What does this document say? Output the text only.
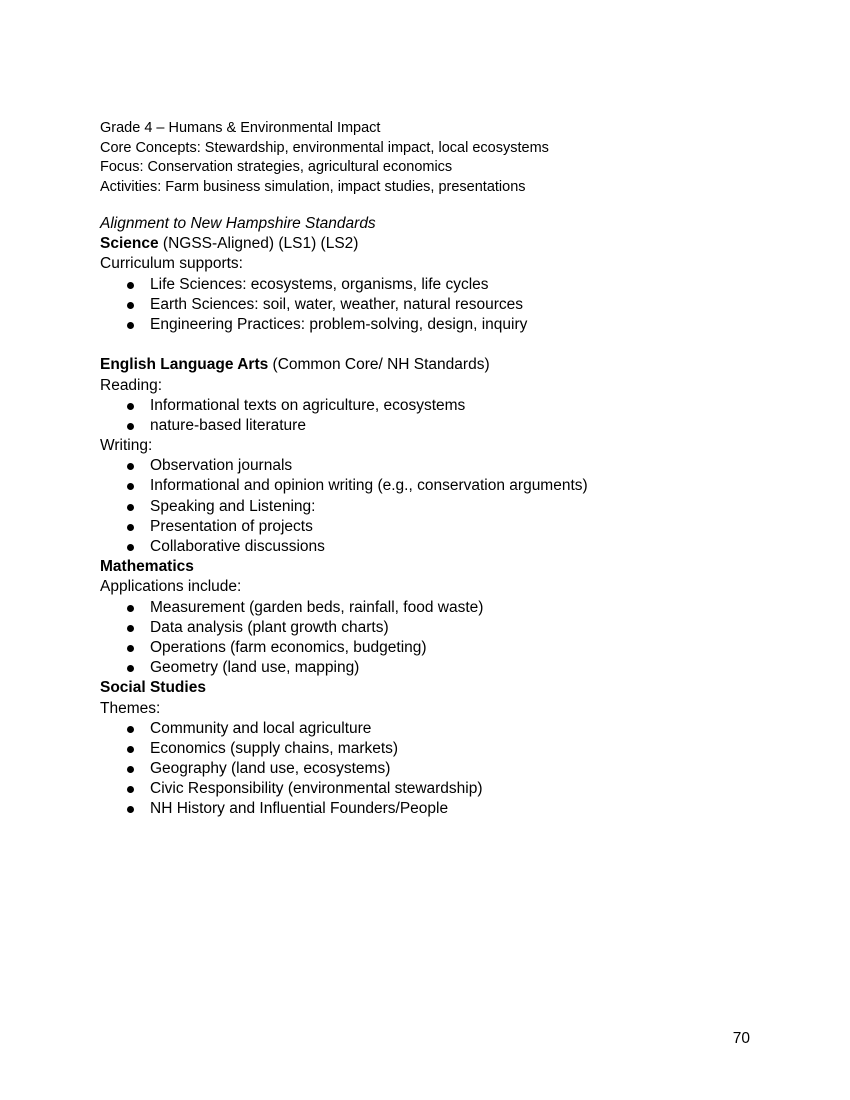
Grade 4 – Humans & Environmental Impact
Core Concepts: Stewardship, environmental impact, local ecosystems
Focus: Conservation strategies, agricultural economics
Activities: Farm business simulation, impact studies, presentations
Alignment to New Hampshire Standards
Science (NGSS-Aligned) (LS1) (LS2)
Curriculum supports:
Life Sciences: ecosystems, organisms, life cycles
Earth Sciences: soil, water, weather, natural resources
Engineering Practices: problem-solving, design, inquiry
English Language Arts (Common Core/ NH Standards)
Reading:
Informational texts on agriculture, ecosystems
nature-based literature
Writing:
Observation journals
Informational and opinion writing (e.g., conservation arguments)
Speaking and Listening:
Presentation of projects
Collaborative discussions
Mathematics
Applications include:
Measurement (garden beds, rainfall, food waste)
Data analysis (plant growth charts)
Operations (farm economics, budgeting)
Geometry (land use, mapping)
Social Studies
Themes:
Community and local agriculture
Economics (supply chains, markets)
Geography (land use, ecosystems)
Civic Responsibility (environmental stewardship)
NH History and Influential Founders/People
70
